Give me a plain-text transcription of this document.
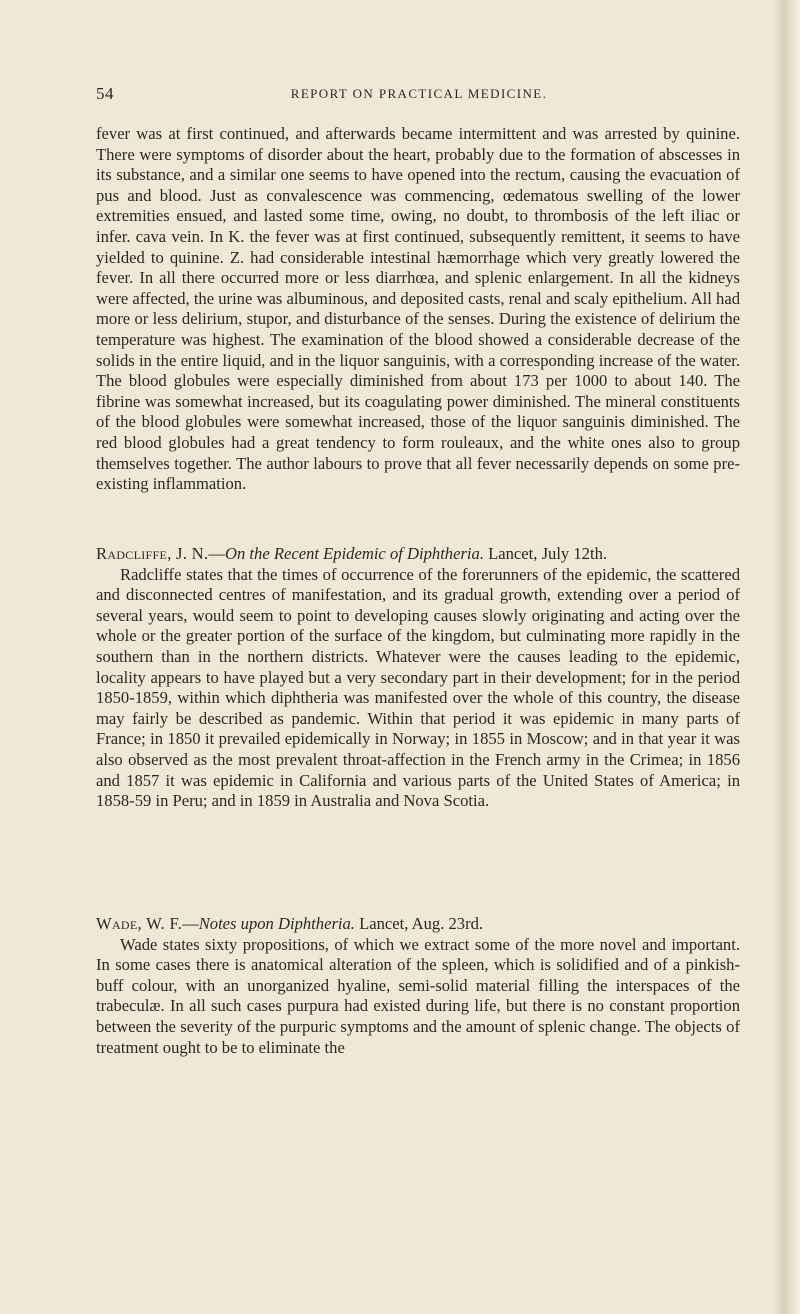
54	REPORT ON PRACTICAL MEDICINE.

fever was at first continued, and afterwards became intermittent and was arrested by quinine. There were symptoms of disorder about the heart, probably due to the formation of abscesses in its substance, and a similar one seems to have opened into the rectum, causing the evacuation of pus and blood. Just as convalescence was commencing, œdematous swelling of the lower extremities ensued, and lasted some time, owing, no doubt, to thrombosis of the left iliac or infer. cava vein. In K. the fever was at first continued, subsequently remittent, it seems to have yielded to quinine. Z. had considerable intestinal hæmorrhage which very greatly lowered the fever. In all there occurred more or less diarrhœa, and splenic enlargement. In all the kidneys were affected, the urine was albuminous, and deposited casts, renal and scaly epithelium. All had more or less delirium, stupor, and disturbance of the senses. During the existence of delirium the temperature was highest. The examination of the blood showed a considerable decrease of the solids in the entire liquid, and in the liquor sanguinis, with a corresponding increase of the water. The blood globules were especially diminished from about 173 per 1000 to about 140. The fibrine was somewhat increased, but its coagulating power diminished. The mineral constituents of the blood globules were somewhat increased, those of the liquor sanguinis diminished. The red blood globules had a great tendency to form rouleaux, and the white ones also to group themselves together. The author labours to prove that all fever necessarily depends on some pre-existing inflammation.

Radcliffe, J. N.—On the Recent Epidemic of Diphtheria. Lancet, July 12th.

Radcliffe states that the times of occurrence of the forerunners of the epidemic, the scattered and disconnected centres of manifestation, and its gradual growth, extending over a period of several years, would seem to point to developing causes slowly originating and acting over the whole or the greater portion of the surface of the kingdom, but culminating more rapidly in the southern than in the northern districts. Whatever were the causes leading to the epidemic, locality appears to have played but a very secondary part in their development; for in the period 1850-1859, within which diphtheria was manifested over the whole of this country, the disease may fairly be described as pandemic. Within that period it was epidemic in many parts of France; in 1850 it prevailed epidemically in Norway; in 1855 in Moscow; and in that year it was also observed as the most prevalent throat-affection in the French army in the Crimea; in 1856 and 1857 it was epidemic in California and various parts of the United States of America; in 1858-59 in Peru; and in 1859 in Australia and Nova Scotia.

Wade, W. F.—Notes upon Diphtheria. Lancet, Aug. 23rd.

Wade states sixty propositions, of which we extract some of the more novel and important. In some cases there is anatomical alteration of the spleen, which is solidified and of a pinkish-buff colour, with an unorganized hyaline, semi-solid material filling the interspaces of the trabeculæ. In all such cases purpura had existed during life, but there is no constant proportion between the severity of the purpuric symptoms and the amount of splenic change. The objects of treatment ought to be to eliminate the
